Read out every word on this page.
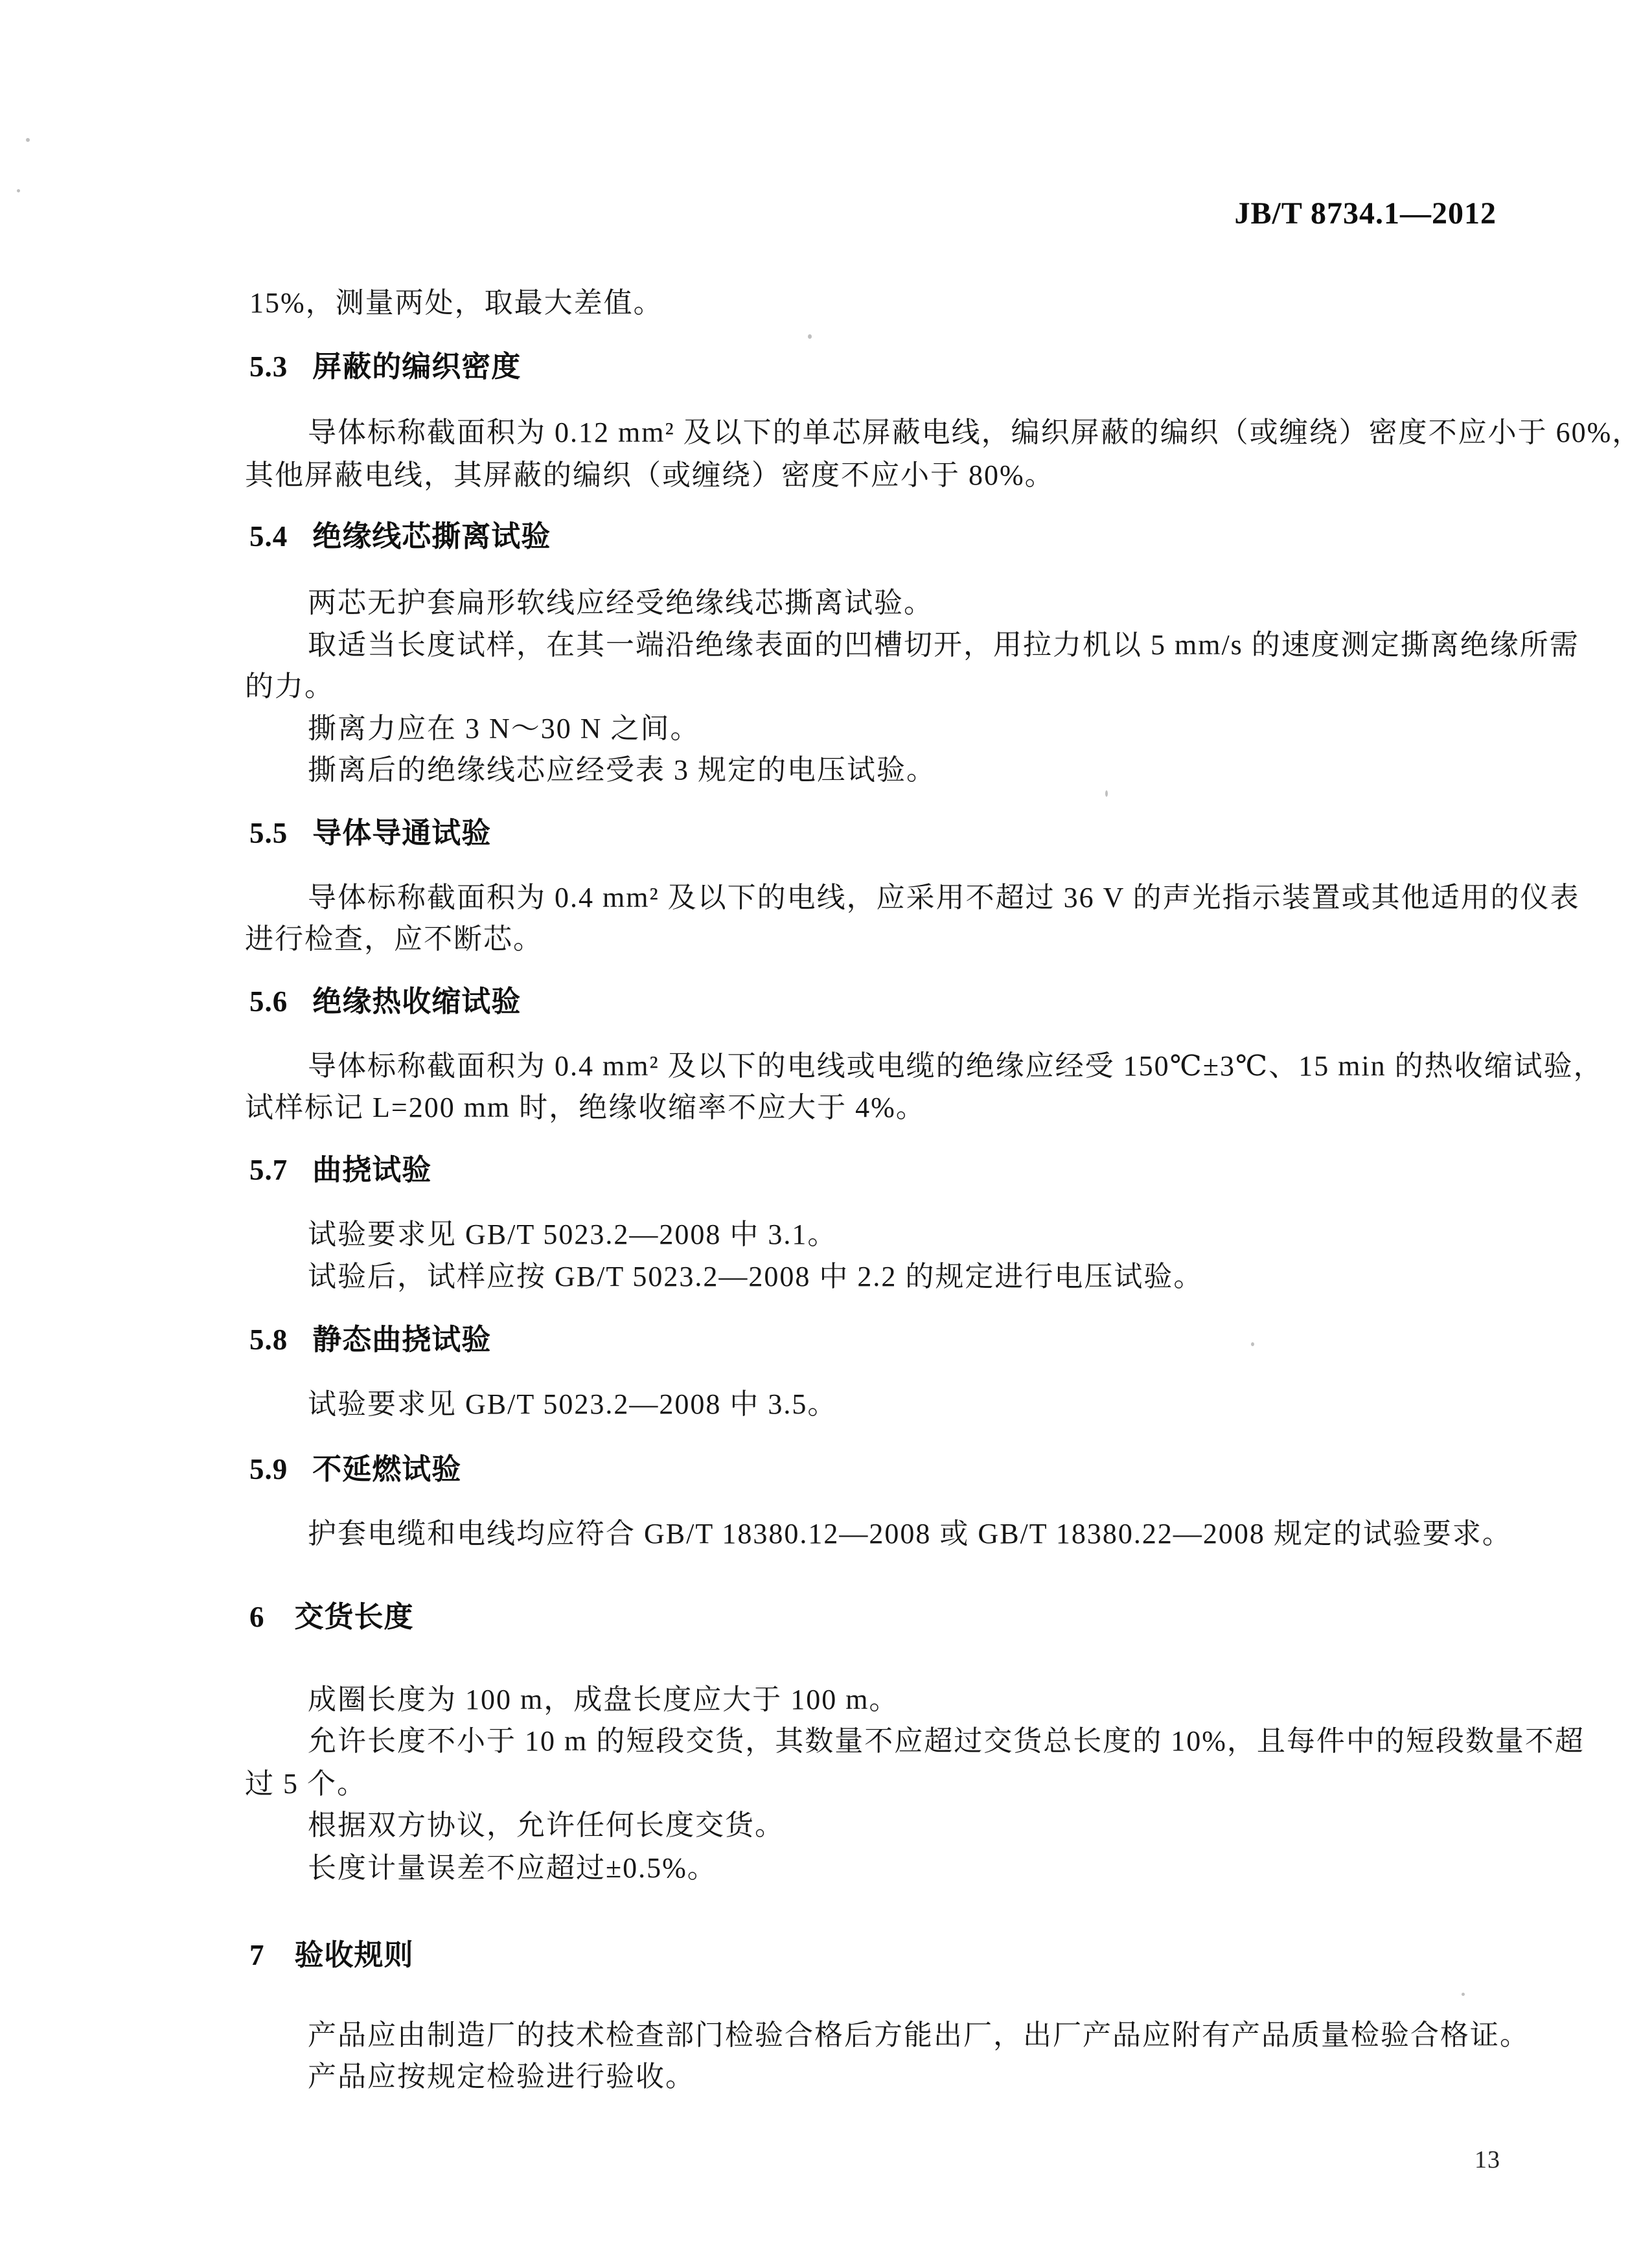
JB/T 8734.1—2012
15%，测量两处，取最大差值。
5.3 屏蔽的编织密度
导体标称截面积为 0.12 mm² 及以下的单芯屏蔽电线，编织屏蔽的编织（或缠绕）密度不应小于 60%，
其他屏蔽电线，其屏蔽的编织（或缠绕）密度不应小于 80%。
5.4 绝缘线芯撕离试验
两芯无护套扁形软线应经受绝缘线芯撕离试验。
取适当长度试样，在其一端沿绝缘表面的凹槽切开，用拉力机以 5 mm/s 的速度测定撕离绝缘所需
的力。
撕离力应在 3 N～30 N 之间。
撕离后的绝缘线芯应经受表 3 规定的电压试验。
5.5 导体导通试验
导体标称截面积为 0.4 mm² 及以下的电线，应采用不超过 36 V 的声光指示装置或其他适用的仪表
进行检查，应不断芯。
5.6 绝缘热收缩试验
导体标称截面积为 0.4 mm² 及以下的电线或电缆的绝缘应经受 150℃±3℃、15 min 的热收缩试验，
试样标记 L=200 mm 时，绝缘收缩率不应大于 4%。
5.7 曲挠试验
试验要求见 GB/T 5023.2—2008 中 3.1。
试验后，试样应按 GB/T 5023.2—2008 中 2.2 的规定进行电压试验。
5.8 静态曲挠试验
试验要求见 GB/T 5023.2—2008 中 3.5。
5.9 不延燃试验
护套电缆和电线均应符合 GB/T 18380.12—2008 或 GB/T 18380.22—2008 规定的试验要求。
6 交货长度
成圈长度为 100 m，成盘长度应大于 100 m。
允许长度不小于 10 m 的短段交货，其数量不应超过交货总长度的 10%，且每件中的短段数量不超
过 5 个。
根据双方协议，允许任何长度交货。
长度计量误差不应超过±0.5%。
7 验收规则
产品应由制造厂的技术检查部门检验合格后方能出厂，出厂产品应附有产品质量检验合格证。
产品应按规定检验进行验收。
13
